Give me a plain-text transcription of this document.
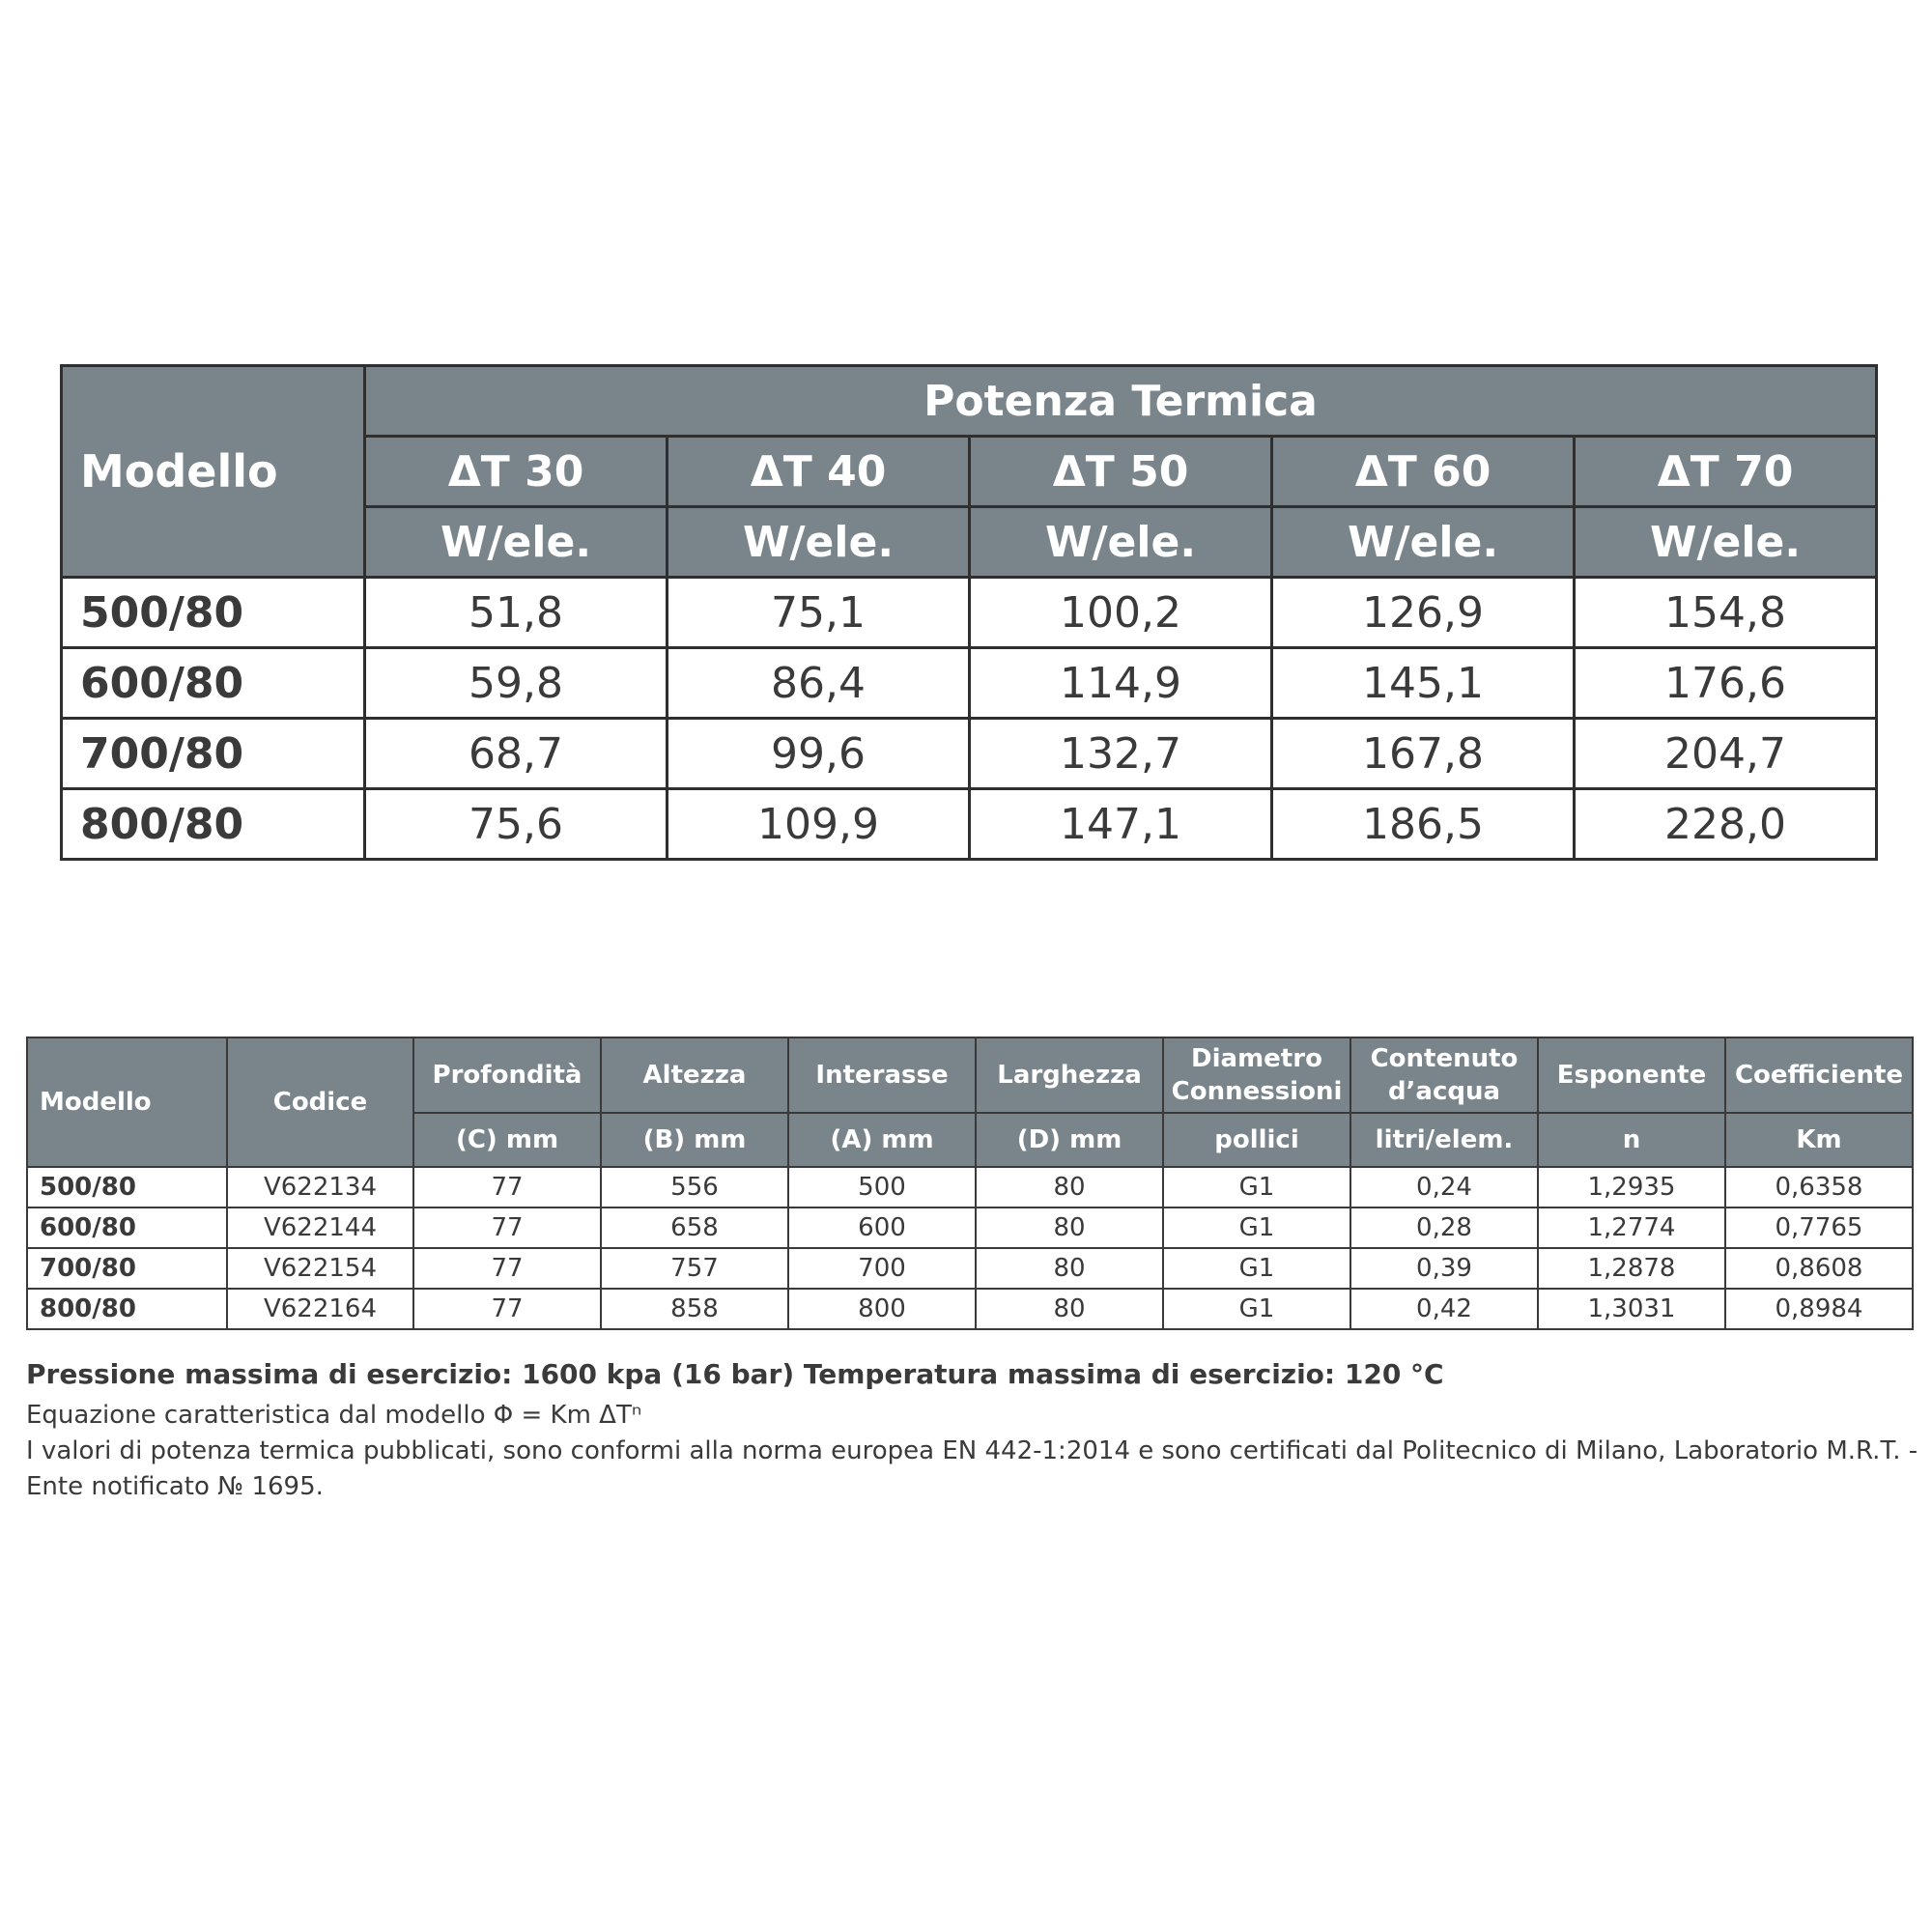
Modello	Potenza Termica				
	ΔT 30	ΔT 40	ΔT 50	ΔT 60	ΔT 70
	W/ele.	W/ele.	W/ele.	W/ele.	W/ele.
500/80	51,8	75,1	100,2	126,9	154,8
600/80	59,8	86,4	114,9	145,1	176,6
700/80	68,7	99,6	132,7	167,8	204,7
800/80	75,6	109,9	147,1	186,5	228,0
Modello	Codice	Profondità	Altezza	Interasse	Larghezza	Diametro Connessioni	Contenuto d’acqua	Esponente	Coefficiente
		(C) mm	(B) mm	(A) mm	(D) mm	pollici	litri/elem.	n	Km
500/80	V622134	77	556	500	80	G1	0,24	1,2935	0,6358
600/80	V622144	77	658	600	80	G1	0,28	1,2774	0,7765
700/80	V622154	77	757	700	80	G1	0,39	1,2878	0,8608
800/80	V622164	77	858	800	80	G1	0,42	1,3031	0,8984

Pressione massima di esercizio: 1600 kpa (16 bar) Temperatura massima di esercizio: 120 °C

Equazione caratteristica dal modello Φ = Km ΔTⁿ

I valori di potenza termica pubblicati, sono conformi alla norma europea EN 442-1:2014 e sono certificati dal Politecnico di Milano, Laboratorio M.R.T. - Ente notificato № 1695.
